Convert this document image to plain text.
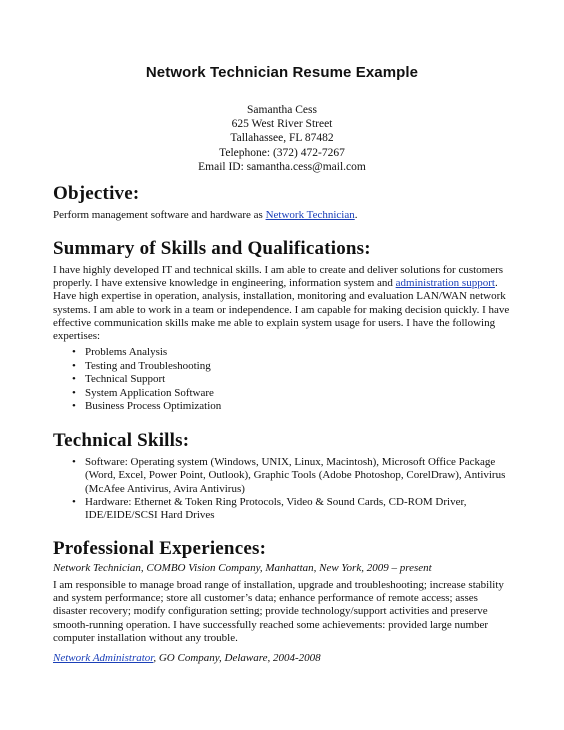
Network Technician Resume Example
Samantha Cess
625 West River Street
Tallahassee, FL 87482
Telephone: (372) 472-7267
Email ID: samantha.cess@mail.com
Objective:
Perform management software and hardware as Network Technician.
Summary of Skills and Qualifications:
I have highly developed IT and technical skills. I am able to create and deliver solutions for customers
properly. I have extensive knowledge in engineering, information system and administration support.
Have high expertise in operation, analysis, installation, monitoring and evaluation LAN/WAN network
systems. I am able to work in a team or independence. I am capable for making decision quickly. I have
effective communication skills make me able to explain system usage for users. I have the following
expertises:
• Problems Analysis
• Testing and Troubleshooting
• Technical Support
• System Application Software
• Business Process Optimization
Technical Skills:
• Software: Operating system (Windows, UNIX, Linux, Macintosh), Microsoft Office Package
(Word, Excel, Power Point, Outlook), Graphic Tools (Adobe Photoshop, CorelDraw), Antivirus
(McAfee Antivirus, Avira Antivirus)
• Hardware: Ethernet & Token Ring Protocols, Video & Sound Cards, CD-ROM Driver,
IDE/EIDE/SCSI Hard Drives
Professional Experiences:
Network Technician, COMBO Vision Company, Manhattan, New York, 2009 – present
I am responsible to manage broad range of installation, upgrade and troubleshooting; increase stability
and system performance; store all customer’s data; enhance performance of remote access; asses
disaster recovery; modify configuration setting; provide technology/support activities and preserve
smooth-running operation. I have successfully reached some achievements: provided large number
computer installation without any trouble.
Network Administrator, GO Company, Delaware, 2004-2008
